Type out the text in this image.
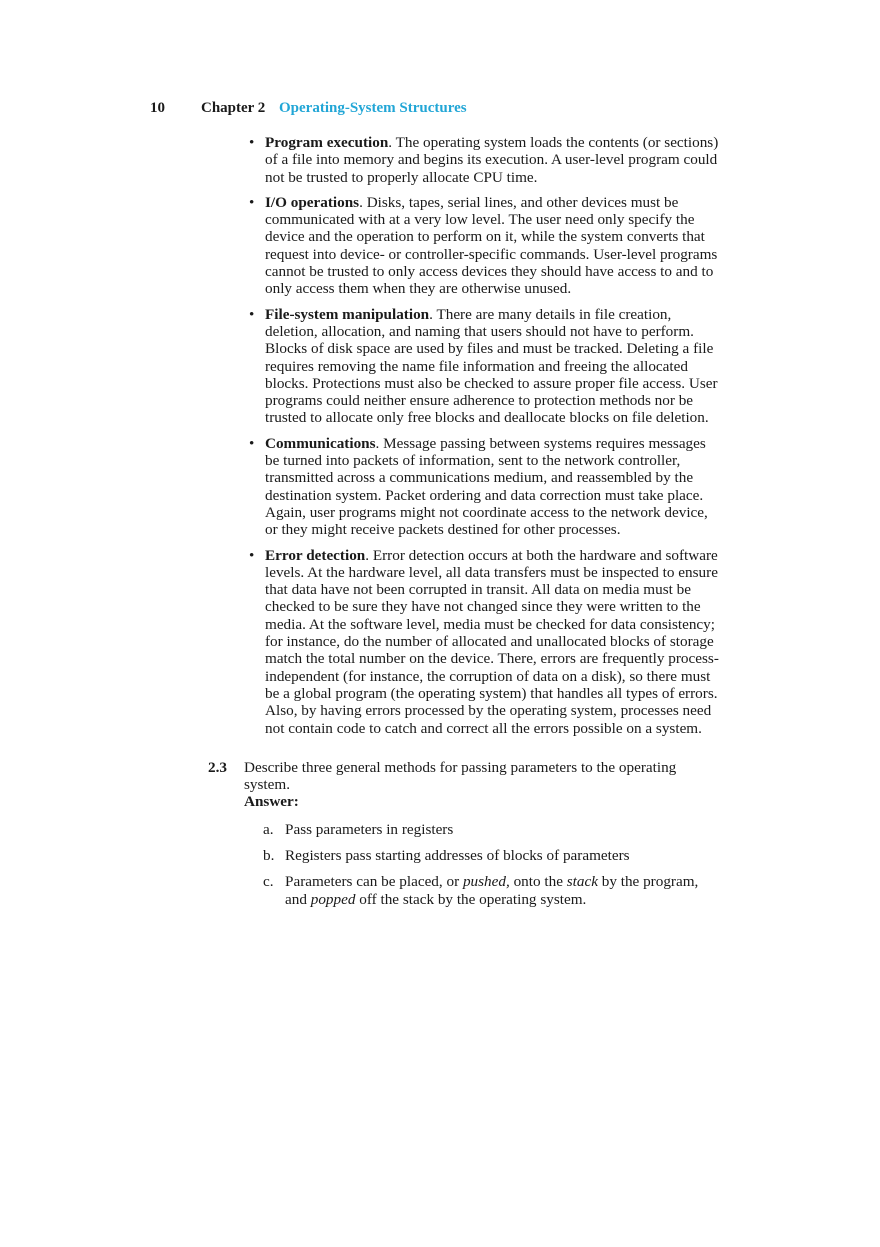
10 Chapter 2 Operating-System Structures
• Program execution. The operating system loads the contents (or sections) of a file into memory and begins its execution. A user-level program could not be trusted to properly allocate CPU time.
• I/O operations. Disks, tapes, serial lines, and other devices must be communicated with at a very low level. The user need only specify the device and the operation to perform on it, while the system converts that request into device- or controller-specific commands. User-level programs cannot be trusted to only access devices they should have access to and to only access them when they are otherwise unused.
• File-system manipulation. There are many details in file creation, deletion, allocation, and naming that users should not have to perform. Blocks of disk space are used by files and must be tracked. Deleting a file requires removing the name file information and freeing the allocated blocks. Protections must also be checked to assure proper file access. User programs could neither ensure adherence to protection methods nor be trusted to allocate only free blocks and deallocate blocks on file deletion.
• Communications. Message passing between systems requires messages be turned into packets of information, sent to the network controller, transmitted across a communications medium, and reassembled by the destination system. Packet ordering and data correction must take place. Again, user programs might not coordinate access to the network device, or they might receive packets destined for other processes.
• Error detection. Error detection occurs at both the hardware and software levels. At the hardware level, all data transfers must be inspected to ensure that data have not been corrupted in transit. All data on media must be checked to be sure they have not changed since they were written to the media. At the software level, media must be checked for data consistency; for instance, do the number of allocated and unallocated blocks of storage match the total number on the device. There, errors are frequently process-independent (for instance, the corruption of data on a disk), so there must be a global program (the operating system) that handles all types of errors. Also, by having errors processed by the operating system, processes need not contain code to catch and correct all the errors possible on a system.
2.3 Describe three general methods for passing parameters to the operating system.
Answer:
a. Pass parameters in registers
b. Registers pass starting addresses of blocks of parameters
c. Parameters can be placed, or pushed, onto the stack by the program, and popped off the stack by the operating system.
